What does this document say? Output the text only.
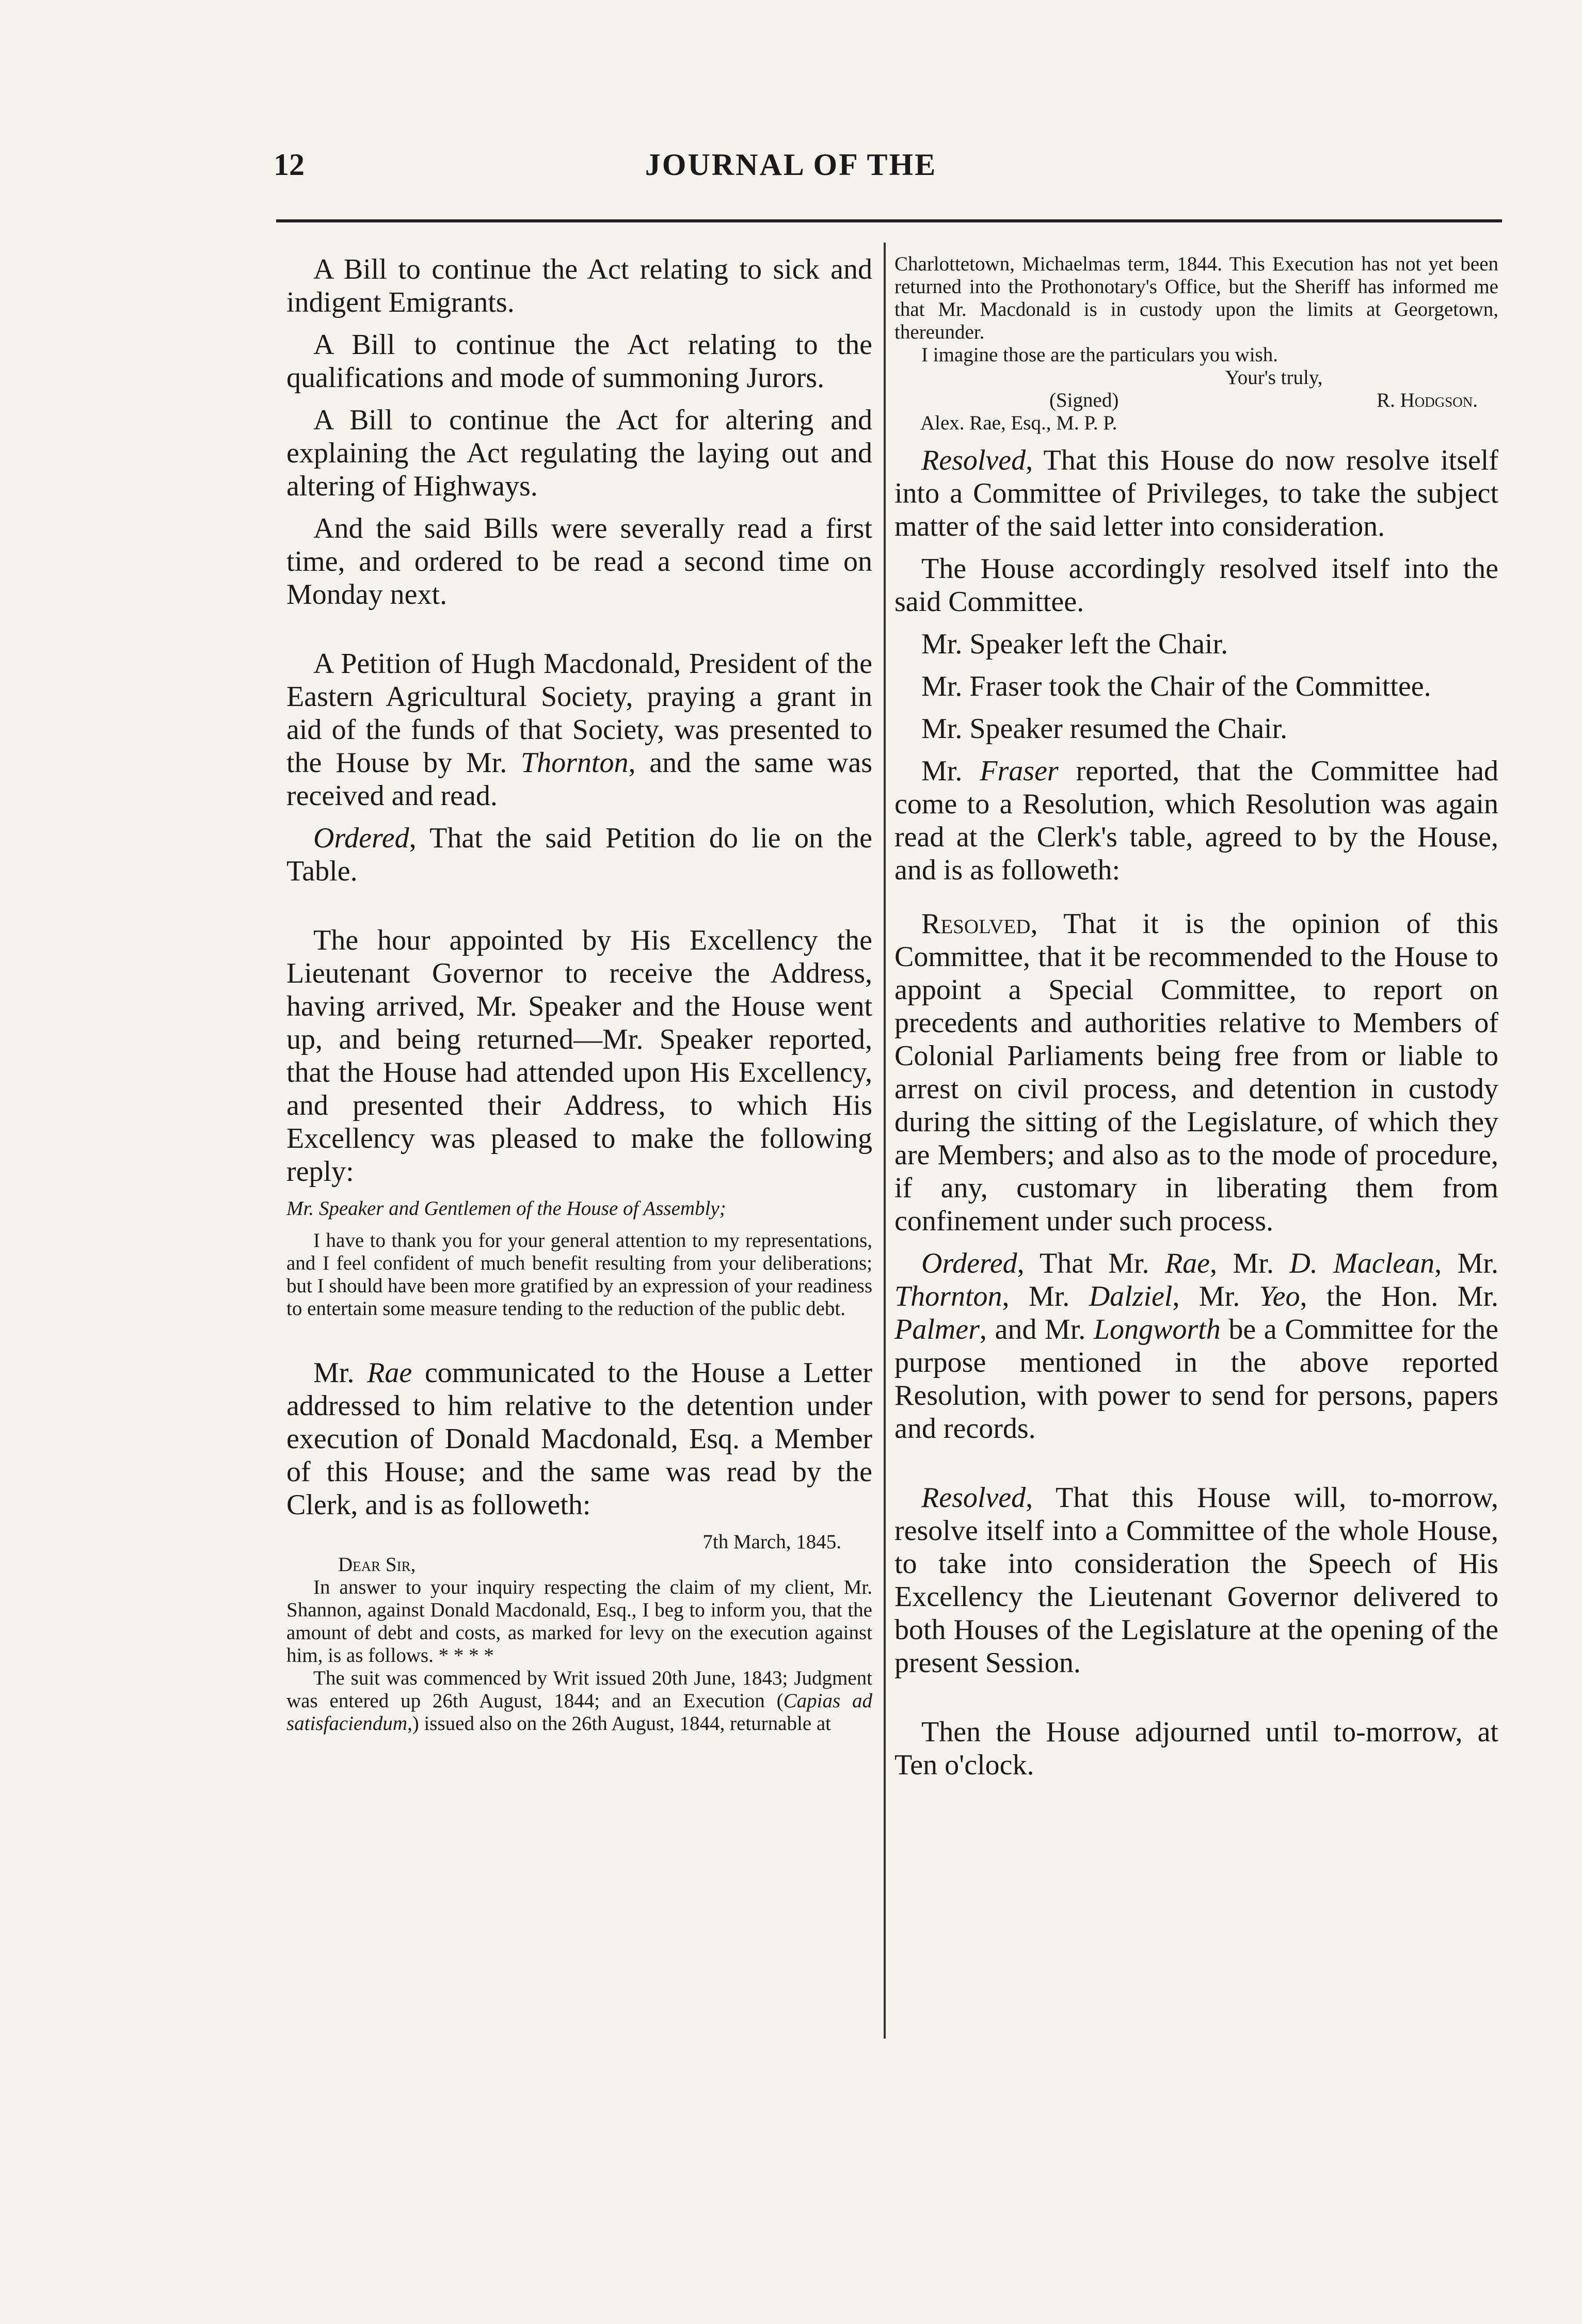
12	JOURNAL OF THE

A Bill to continue the Act relating to sick and indigent Emigrants.

A Bill to continue the Act relating to the qualifications and mode of summoning Jurors.

A Bill to continue the Act for altering and explaining the Act regulating the laying out and altering of Highways.

And the said Bills were severally read a first time, and ordered to be read a second time on Monday next.

A Petition of Hugh Macdonald, President of the Eastern Agricultural Society, praying a grant in aid of the funds of that Society, was presented to the House by Mr. Thornton, and the same was received and read.

Ordered, That the said Petition do lie on the Table.

The hour appointed by His Excellency the Lieutenant Governor to receive the Address, having arrived, Mr. Speaker and the House went up, and being returned—Mr. Speaker reported, that the House had attended upon His Excellency, and presented their Address, to which His Excellency was pleased to make the following reply:

Mr. Speaker and Gentlemen of the House of Assembly;

I have to thank you for your general attention to my representations, and I feel confident of much benefit resulting from your deliberations; but I should have been more gratified by an expression of your readiness to entertain some measure tending to the reduction of the public debt.

Mr. Rae communicated to the House a Letter addressed to him relative to the detention under execution of Donald Macdonald, Esq. a Member of this House; and the same was read by the Clerk, and is as followeth:

7th March, 1845.

Dear Sir,

In answer to your inquiry respecting the claim of my client, Mr. Shannon, against Donald Macdonald, Esq., I beg to inform you, that the amount of debt and costs, as marked for levy on the execution against him, is as follows. * * * *

The suit was commenced by Writ issued 20th June, 1843; Judgment was entered up 26th August, 1844; and an Execution (Capias ad satisfaciendum,) issued also on the 26th August, 1844, returnable at

Charlottetown, Michaelmas term, 1844. This Execution has not yet been returned into the Prothonotary's Office, but the Sheriff has informed me that Mr. Macdonald is in custody upon the limits at Georgetown, thereunder.

I imagine those are the particulars you wish.

Your's truly,

(Signed)	R. Hodgson.

Alex. Rae, Esq., M. P. P.

Resolved, That this House do now resolve itself into a Committee of Privileges, to take the subject matter of the said letter into consideration.

The House accordingly resolved itself into the said Committee.

Mr. Speaker left the Chair.

Mr. Fraser took the Chair of the Committee.

Mr. Speaker resumed the Chair.

Mr. Fraser reported, that the Committee had come to a Resolution, which Resolution was again read at the Clerk's table, agreed to by the House, and is as followeth:

Resolved, That it is the opinion of this Committee, that it be recommended to the House to appoint a Special Committee, to report on precedents and authorities relative to Members of Colonial Parliaments being free from or liable to arrest on civil process, and detention in custody during the sitting of the Legislature, of which they are Members; and also as to the mode of procedure, if any, customary in liberating them from confinement under such process.

Ordered, That Mr. Rae, Mr. D. Maclean, Mr. Thornton, Mr. Dalziel, Mr. Yeo, the Hon. Mr. Palmer, and Mr. Longworth be a Committee for the purpose mentioned in the above reported Resolution, with power to send for persons, papers and records.

Resolved, That this House will, to-morrow, resolve itself into a Committee of the whole House, to take into consideration the Speech of His Excellency the Lieutenant Governor delivered to both Houses of the Legislature at the opening of the present Session.

Then the House adjourned until to-morrow, at Ten o'clock.
